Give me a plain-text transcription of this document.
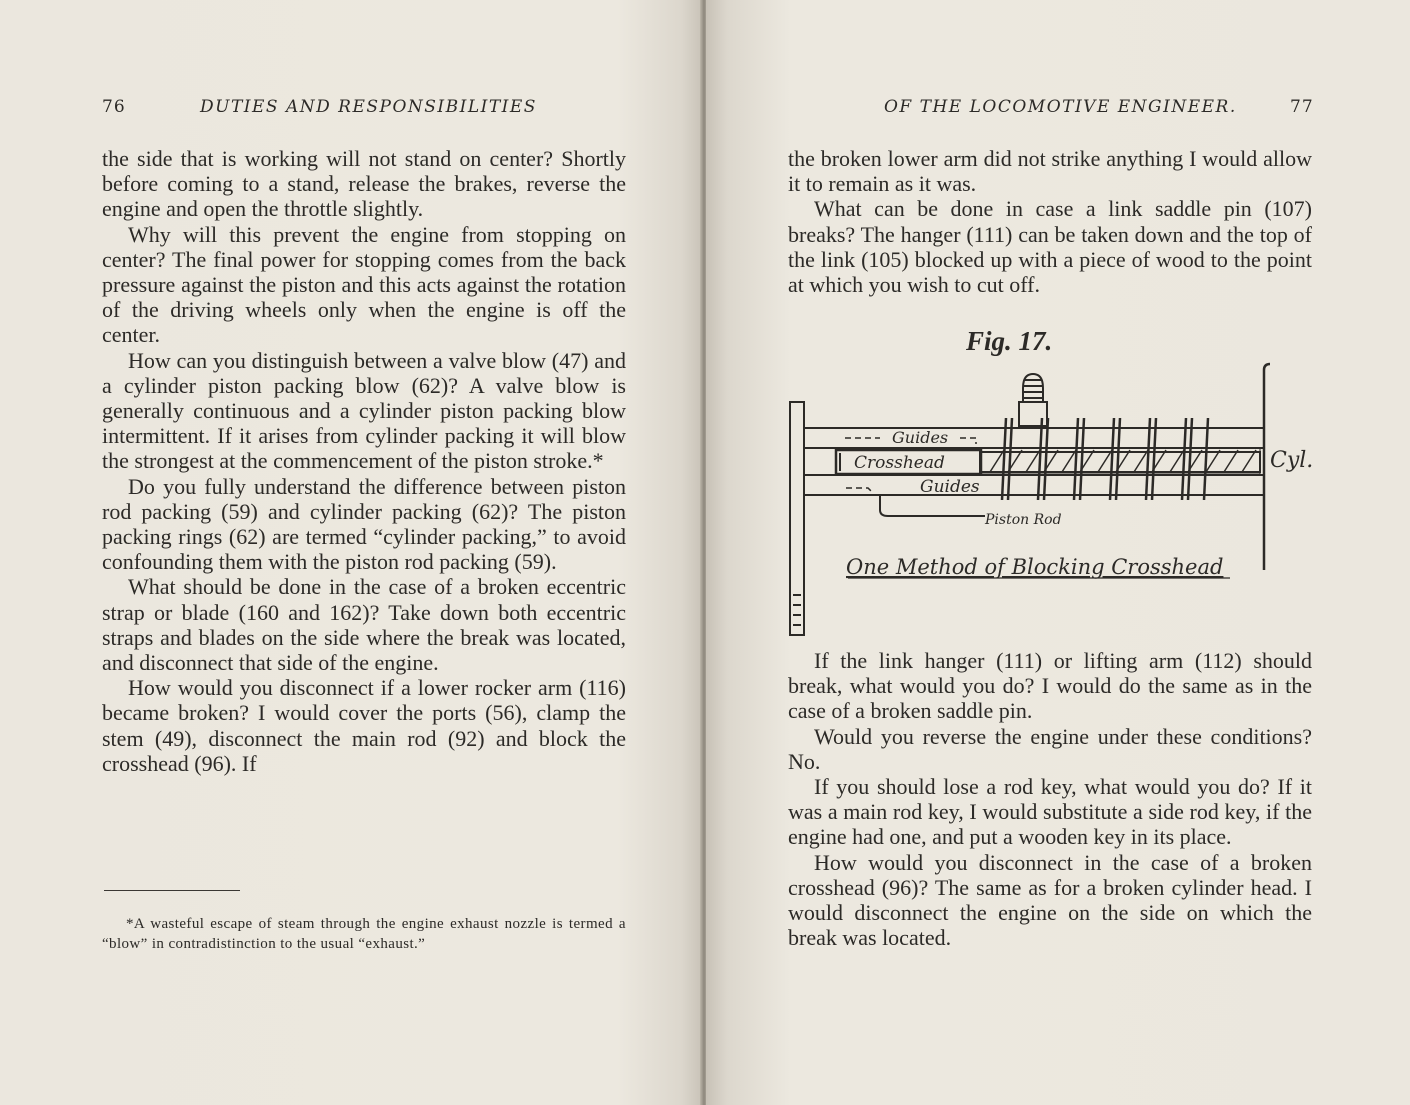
76	DUTIES AND RESPONSIBILITIES

the side that is working will not stand on center? Shortly before coming to a stand, release the brakes, reverse the engine and open the throttle slightly.

Why will this prevent the engine from stopping on center? The final power for stopping comes from the back pressure against the piston and this acts against the rotation of the driving wheels only when the engine is off the center.

How can you distinguish between a valve blow (47) and a cylinder piston packing blow (62)? A valve blow is generally continuous and a cylinder piston packing blow intermittent. If it arises from cylinder packing it will blow the strongest at the commencement of the piston stroke.*

Do you fully understand the difference between piston rod packing (59) and cylinder packing (62)? The piston packing rings (62) are termed “cylinder packing,” to avoid confounding them with the piston rod packing (59).

What should be done in the case of a broken eccentric strap or blade (160 and 162)? Take down both eccentric straps and blades on the side where the break was located, and disconnect that side of the engine.

How would you disconnect if a lower rocker arm (116) became broken? I would cover the ports (56), clamp the stem (49), disconnect the main rod (92) and block the crosshead (96). If

*A wasteful escape of steam through the engine exhaust nozzle is termed a “blow” in contradistinction to the usual “exhaust.”

OF THE LOCOMOTIVE ENGINEER.	77

the broken lower arm did not strike anything I would allow it to remain as it was.

What can be done in case a link saddle pin (107) breaks? The hanger (111) can be taken down and the top of the link (105) blocked up with a piece of wood to the point at which you wish to cut off.

If the link hanger (111) or lifting arm (112) should break, what would you do? I would do the same as in the case of a broken saddle pin.

Would you reverse the engine under these conditions? No.

If you should lose a rod key, what would you do? If it was a main rod key, I would substitute a side rod key, if the engine had one, and put a wooden key in its place.

How would you disconnect in the case of a broken crosshead (96)? The same as for a broken cylinder head. I would disconnect the engine on the side on which the break was located.

Fig. 17.
Guides
Crosshead
Guides
Piston Rod
Cyl.
One Method of Blocking Crosshead
